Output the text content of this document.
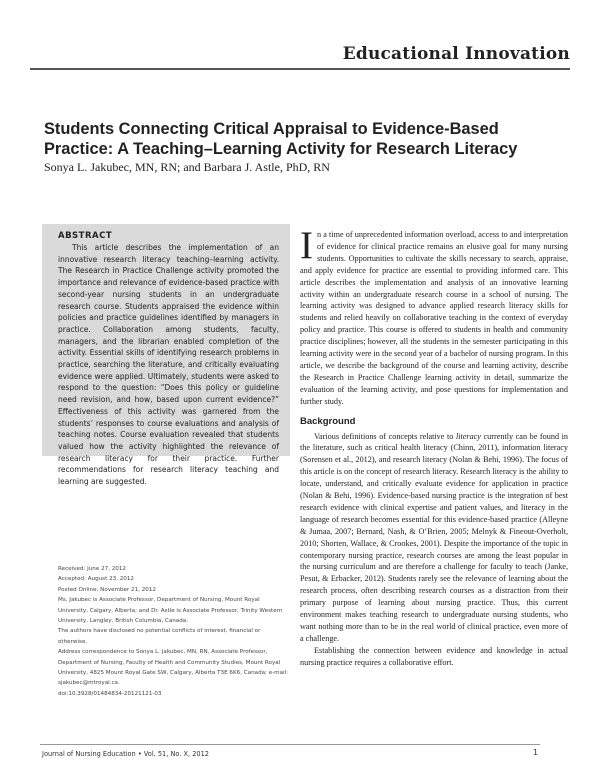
Educational Innovation
Students Connecting Critical Appraisal to Evidence-Based Practice: A Teaching–Learning Activity for Research Literacy
Sonya L. Jakubec, MN, RN; and Barbara J. Astle, PhD, RN
ABSTRACT

This article describes the implementation of an innovative research literacy teaching–learning activity. The Research in Practice Challenge activity promoted the importance and relevance of evidence-based practice with second-year nursing students in an undergraduate research course. Students appraised the evidence within policies and practice guidelines identified by managers in practice. Collaboration among students, faculty, managers, and the librarian enabled completion of the activity. Essential skills of identifying research problems in practice, searching the literature, and critically evaluating evidence were applied. Ultimately, students were asked to respond to the question: “Does this policy or guideline need revision, and how, based upon current evidence?” Effectiveness of this activity was garnered from the students’ responses to course evaluations and analysis of teaching notes. Course evaluation revealed that students valued how the activity highlighted the relevance of research literacy for their practice. Further recommendations for research literacy teaching and learning are suggested.

Received: June 27, 2012

Accepted: August 23, 2012

Posted Online: November 21, 2012

Ms. Jakubec is Associate Professor, Department of Nursing, Mount Royal University, Calgary, Alberta; and Dr. Astle is Associate Professor, Trinity Western University, Langley, British Columbia, Canada.

The authors have disclosed no potential conflicts of interest, financial or otherwise.

Address correspondence to Sonya L. Jakubec, MN, RN, Associate Professor, Department of Nursing, Faculty of Health and Community Studies, Mount Royal University, 4825 Mount Royal Gate SW, Calgary, Alberta T3E 6K6, Canada; e-mail: sjakubec@mtroyal.ca.

doi:10.3928/01484834-20121121-03

In a time of unprecedented information overload, access to and interpretation of evidence for clinical practice remains an elusive goal for many nursing students. Opportunities to cultivate the skills necessary to search, appraise, and apply evidence for practice are essential to providing informed care. This article describes the implementation and analysis of an innovative learning activity within an undergraduate research course in a school of nursing. The learning activity was designed to advance applied research literacy skills for students and relied heavily on collaborative teaching in the context of everyday policy and practice. This course is offered to students in health and community practice disciplines; however, all the students in the semester participating in this learning activity were in the second year of a bachelor of nursing program. In this article, we describe the background of the course and learning activity, describe the Research in Practice Challenge learning activity in detail, summarize the evaluation of the learning activity, and pose questions for implementation and further study.

Background

Various definitions of concepts relative to literacy currently can be found in the literature, such as critical health literacy (Chinn, 2011), information literacy (Sorensen et al., 2012), and research literacy (Nolan & Behi, 1996). The focus of this article is on the concept of research literacy. Research literacy is the ability to locate, understand, and critically evaluate evidence for application in practice (Nolan & Behi, 1996). Evidence-based nursing practice is the integration of best research evidence with clinical expertise and patient values, and literacy in the language of research becomes essential for this evidence-based practice (Alleyne & Jumaa, 2007; Bernard, Nash, & O’Brien, 2005; Melnyk & Fineout-Overholt, 2010; Shorten, Wallace, & Crookes, 2001). Despite the importance of the topic in contemporary nursing practice, research courses are among the least popular in the nursing curriculum and are therefore a challenge for faculty to teach (Janke, Pesut, & Erbacker, 2012). Students rarely see the relevance of learning about the research process, often describing research courses as a distraction from their primary purpose of learning about nursing practice. Thus, this current environment makes teaching research to undergraduate nursing students, who want nothing more than to be in the real world of clinical practice, even more of a challenge.

Establishing the connection between evidence and knowledge in actual nursing practice requires a collaborative effort.

Journal of Nursing Education • Vol. 51, No. X, 2012	1
